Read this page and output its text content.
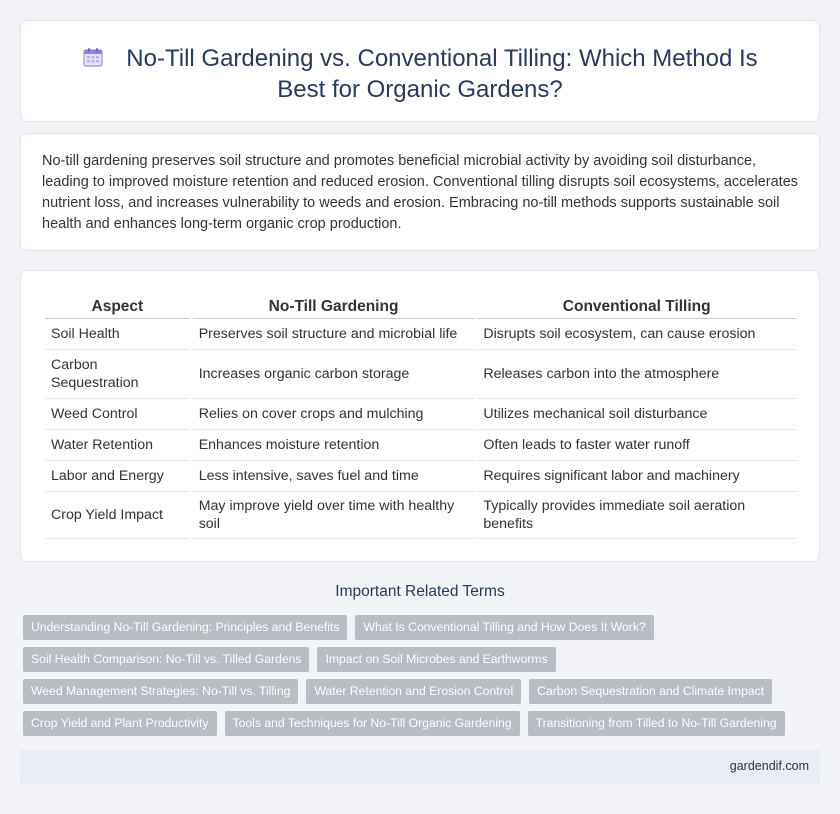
No-Till Gardening vs. Conventional Tilling: Which Method Is Best for Organic Gardens?

No-till gardening preserves soil structure and promotes beneficial microbial activity by avoiding soil disturbance, leading to improved moisture retention and reduced erosion. Conventional tilling disrupts soil ecosystems, accelerates nutrient loss, and increases vulnerability to weeds and erosion. Embracing no-till methods supports sustainable soil health and enhances long-term organic crop production.

Aspect	No-Till Gardening	Conventional Tilling
Soil Health	Preserves soil structure and microbial life	Disrupts soil ecosystem, can cause erosion
Carbon Sequestration	Increases organic carbon storage	Releases carbon into the atmosphere
Weed Control	Relies on cover crops and mulching	Utilizes mechanical soil disturbance
Water Retention	Enhances moisture retention	Often leads to faster water runoff
Labor and Energy	Less intensive, saves fuel and time	Requires significant labor and machinery
Crop Yield Impact	May improve yield over time with healthy soil	Typically provides immediate soil aeration benefits
Important Related Terms
Understanding No-Till Gardening: Principles and Benefits	What Is Conventional Tilling and How Does It Work?
Soil Health Comparison: No-Till vs. Tilled Gardens	Impact on Soil Microbes and Earthworms
Weed Management Strategies: No-Till vs. Tilling	Water Retention and Erosion Control	Carbon Sequestration and Climate Impact
Crop Yield and Plant Productivity	Tools and Techniques for No-Till Organic Gardening	Transitioning from Tilled to No-Till Gardening
gardendif.com
